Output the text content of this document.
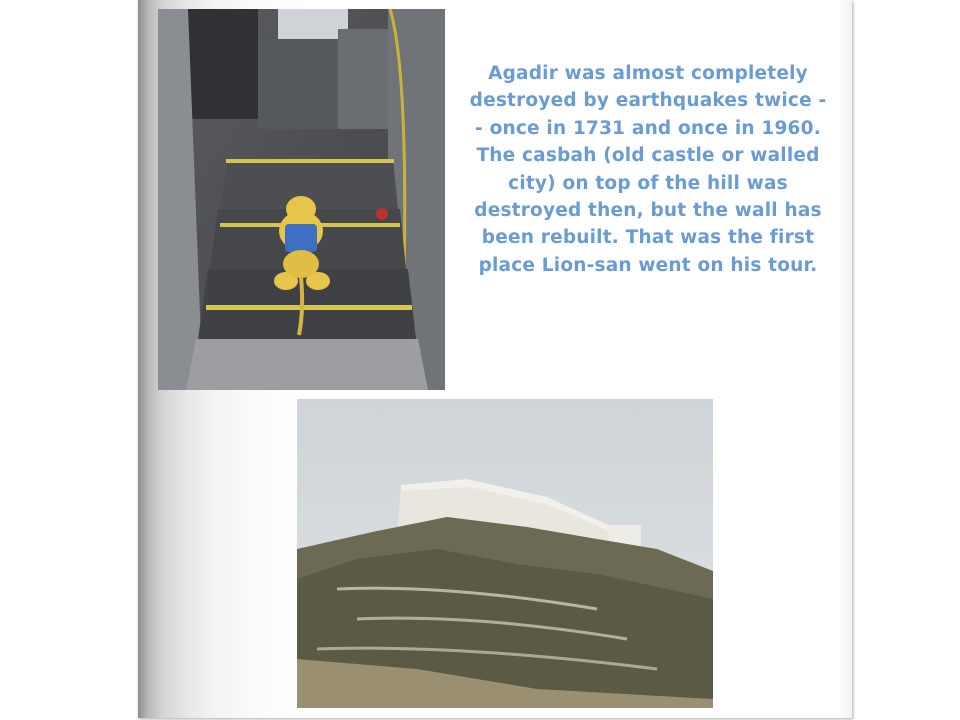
Agadir was almost completely destroyed by earthquakes twice -- once in 1731 and once in 1960. The casbah (old castle or walled city) on top of the hill was destroyed then, but the wall has been rebuilt. That was the first place Lion-san went on his tour.
